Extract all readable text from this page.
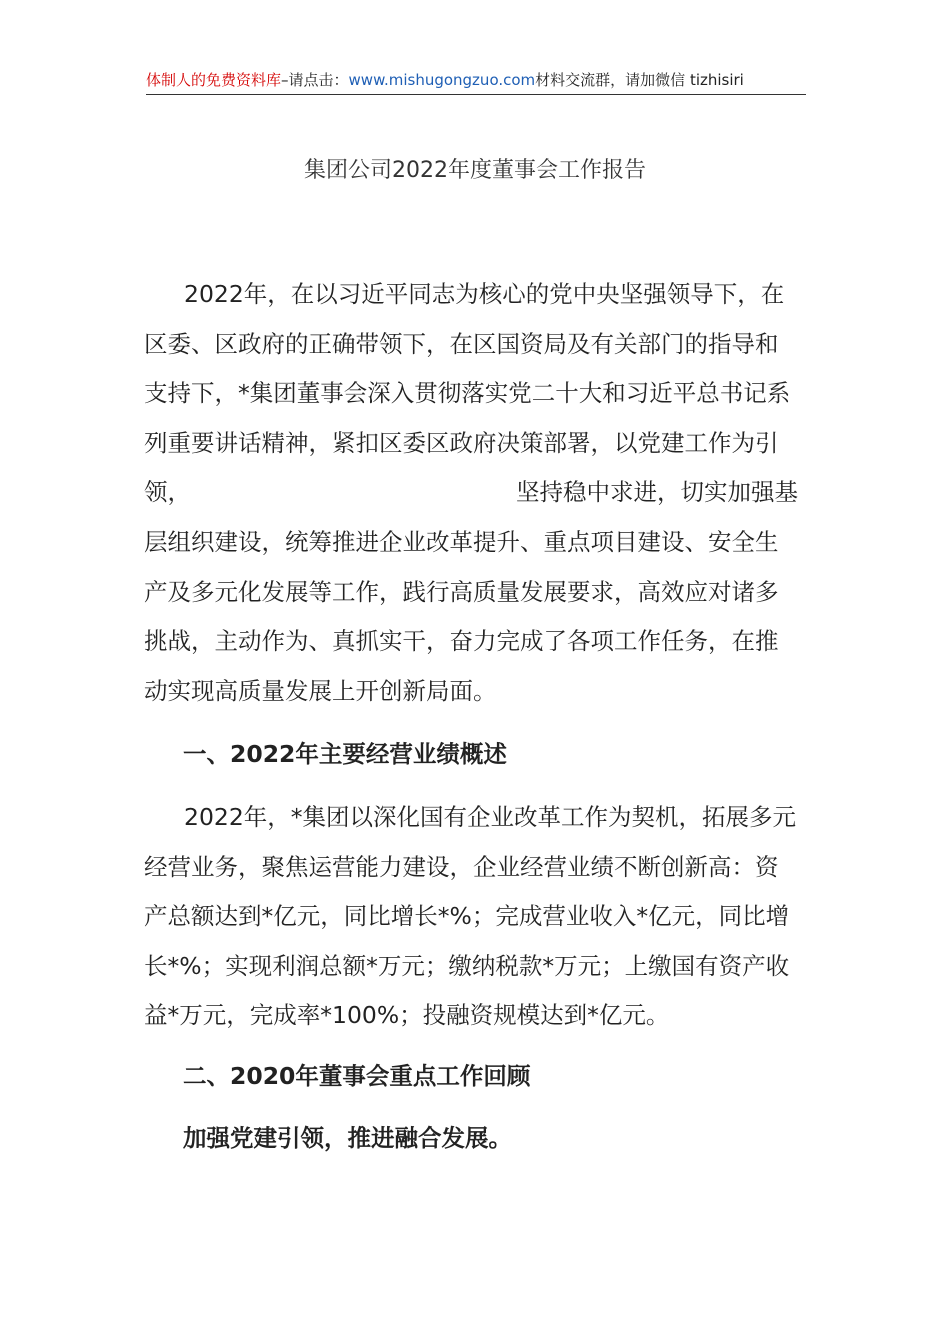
体制人的免费资料库–请点击：www.mishugongzuo.com材料交流群，请加微信 tizhisiri
集团公司2022年度董事会工作报告
2022年，在以习近平同志为核心的党中央坚强领导下，在
区委、区政府的正确带领下，在区国资局及有关部门的指导和
支持下，*集团董事会深入贯彻落实党二十大和习近平总书记系
列重要讲话精神，紧扣区委区政府决策部署，以党建工作为引
领，	坚持稳中求进，切实加强基
层组织建设，统筹推进企业改革提升、重点项目建设、安全生
产及多元化发展等工作，践行高质量发展要求，高效应对诸多
挑战，主动作为、真抓实干，奋力完成了各项工作任务，在推
动实现高质量发展上开创新局面。
一、2022年主要经营业绩概述
2022年，*集团以深化国有企业改革工作为契机，拓展多元
经营业务，聚焦运营能力建设，企业经营业绩不断创新高：资
产总额达到*亿元，同比增长*%；完成营业收入*亿元，同比增
长*%；实现利润总额*万元；缴纳税款*万元；上缴国有资产收
益*万元，完成率*100%；投融资规模达到*亿元。
二、2020年董事会重点工作回顾
加强党建引领，推进融合发展。
